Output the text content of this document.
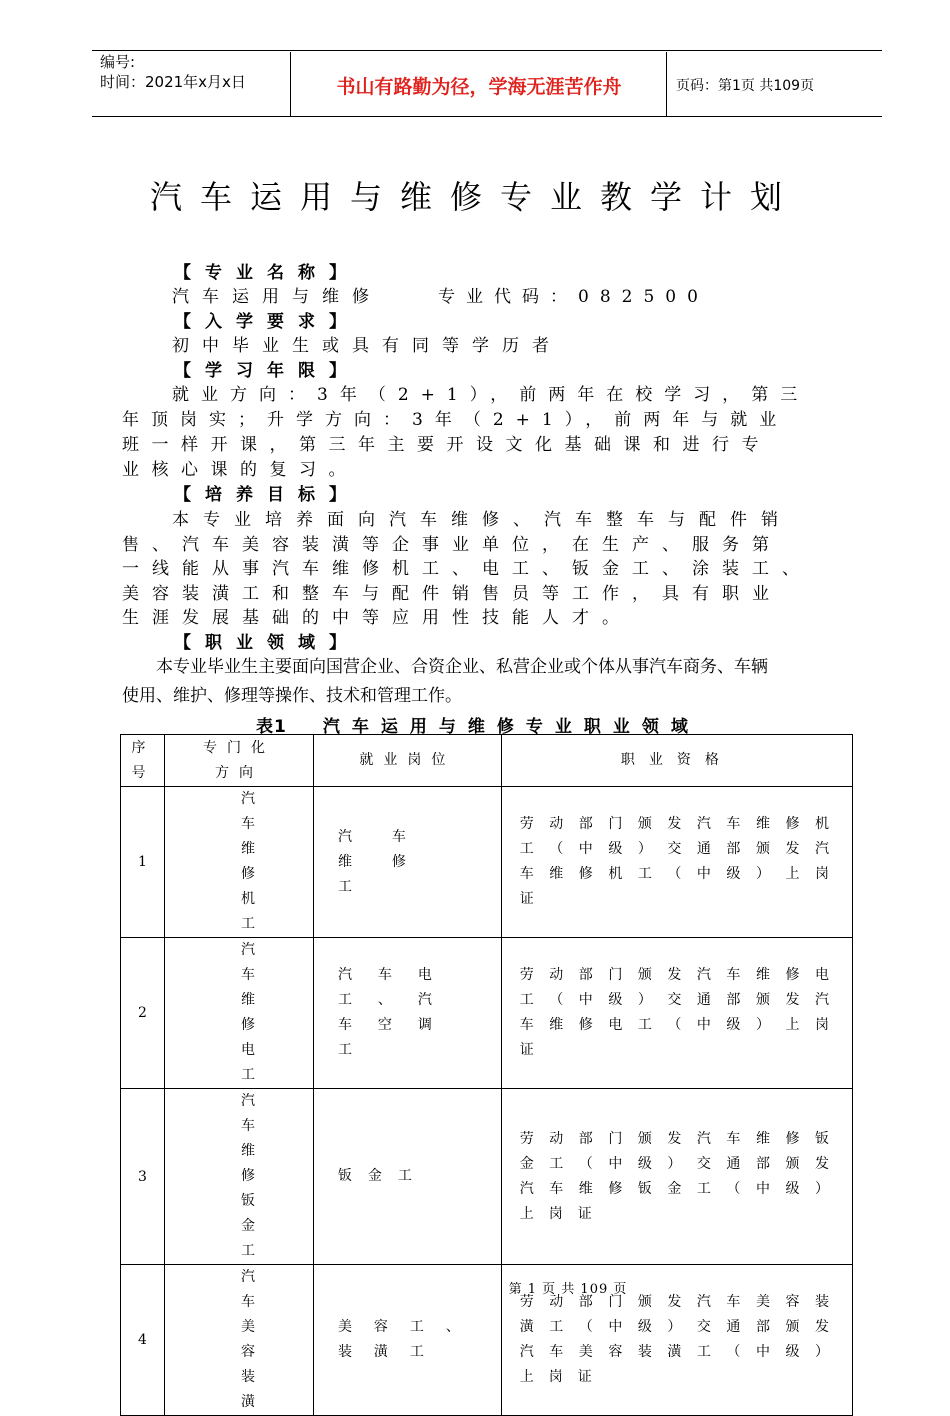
编号:
时间：2021年x月x日	书山有路勤为径，学海无涯苦作舟	页码：第1页 共109页
汽车运用与维修专业教学计划
【专业名称】
汽车运用与维修	专业代码：082500
【入学要求】
初中毕业生或具有同等学历者
【学习年限】
就业方向：3年（2+1），前两年在校学习，第三
年顶岗实；升学方向：3年（2+1），前两年与就业
班一样开课，第三年主要开设文化基础课和进行专
业核心课的复习。
【培养目标】
本专业培养面向汽车维修、汽车整车与配件销
售、汽车美容装潢等企事业单位，在生产、服务第
一线能从事汽车维修机工、电工、钣金工、涂装工、
美容装潢工和整车与配件销售员等工作，具有职业
生涯发展基础的中等应用性技能人才。
【职业领域】
本专业毕业生主要面向国营企业、合资企业、私营企业或个体从事汽车商务、车辆
使用、维护、修理等操作、技术和管理工作。
表1 汽车运用与维修专业职业领域
序号	专门化方向	就业岗位	职业资格
1	汽车维修机工	汽车维修工	劳动部门颁发汽车维修机工（中级）交通部颁发汽车维修机工（中级）上岗证
2	汽车维修电工	汽车电工、汽车空调工	劳动部门颁发汽车维修电工（中级）交通部颁发汽车维修电工（中级）上岗证
3	汽车维修钣金工	钣金工	劳动部门颁发汽车维修钣金工（中级）交通部颁发汽车维修钣金工（中级）上岗证
4	汽车美容装潢	美容工、装潢工	劳动部门颁发汽车美容装潢工（中级）交通部颁发汽车美容装潢工（中级）上岗证
第 1 页 共 109 页
